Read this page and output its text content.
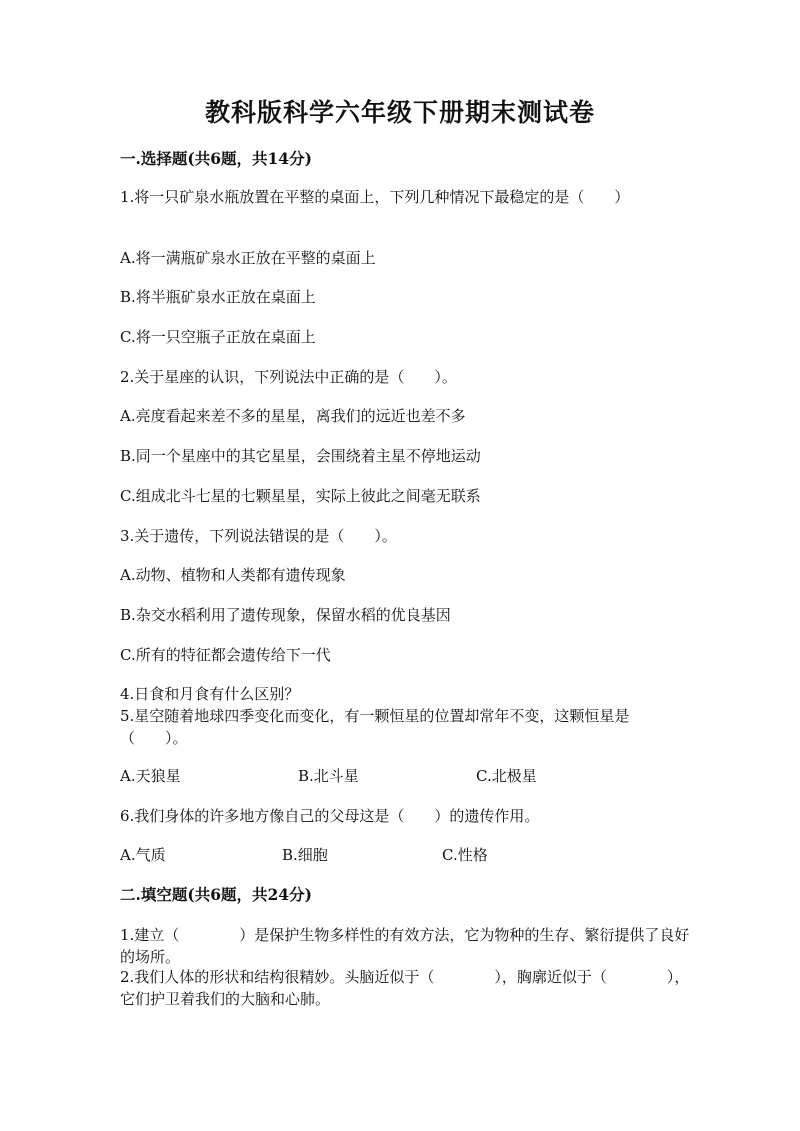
教科版科学六年级下册期末测试卷
一.选择题(共6题，共14分)
1.将一只矿泉水瓶放置在平整的桌面上，下列几种情况下最稳定的是（　　）
A.将一满瓶矿泉水正放在平整的桌面上
B.将半瓶矿泉水正放在桌面上
C.将一只空瓶子正放在桌面上
2.关于星座的认识，下列说法中正确的是（　　）。
A.亮度看起来差不多的星星，离我们的远近也差不多
B.同一个星座中的其它星星，会围绕着主星不停地运动
C.组成北斗七星的七颗星星，实际上彼此之间毫无联系
3.关于遗传，下列说法错误的是（　　）。
A.动物、植物和人类都有遗传现象
B.杂交水稻利用了遗传现象，保留水稻的优良基因
C.所有的特征都会遗传给下一代
4.日食和月食有什么区别？
5.星空随着地球四季变化而变化，有一颗恒星的位置却常年不变，这颗恒星是（　　）。
A.天狼星	B.北斗星	C.北极星
6.我们身体的许多地方像自己的父母这是（　　）的遗传作用。
A.气质	B.细胞	C.性格
二.填空题(共6题，共24分)
1.建立（　　　　）是保护生物多样性的有效方法，它为物种的生存、繁衍提供了良好的场所。
2.我们人体的形状和结构很精妙。头脑近似于（　　　　），胸廓近似于（　　　　），它们护卫着我们的大脑和心肺。
